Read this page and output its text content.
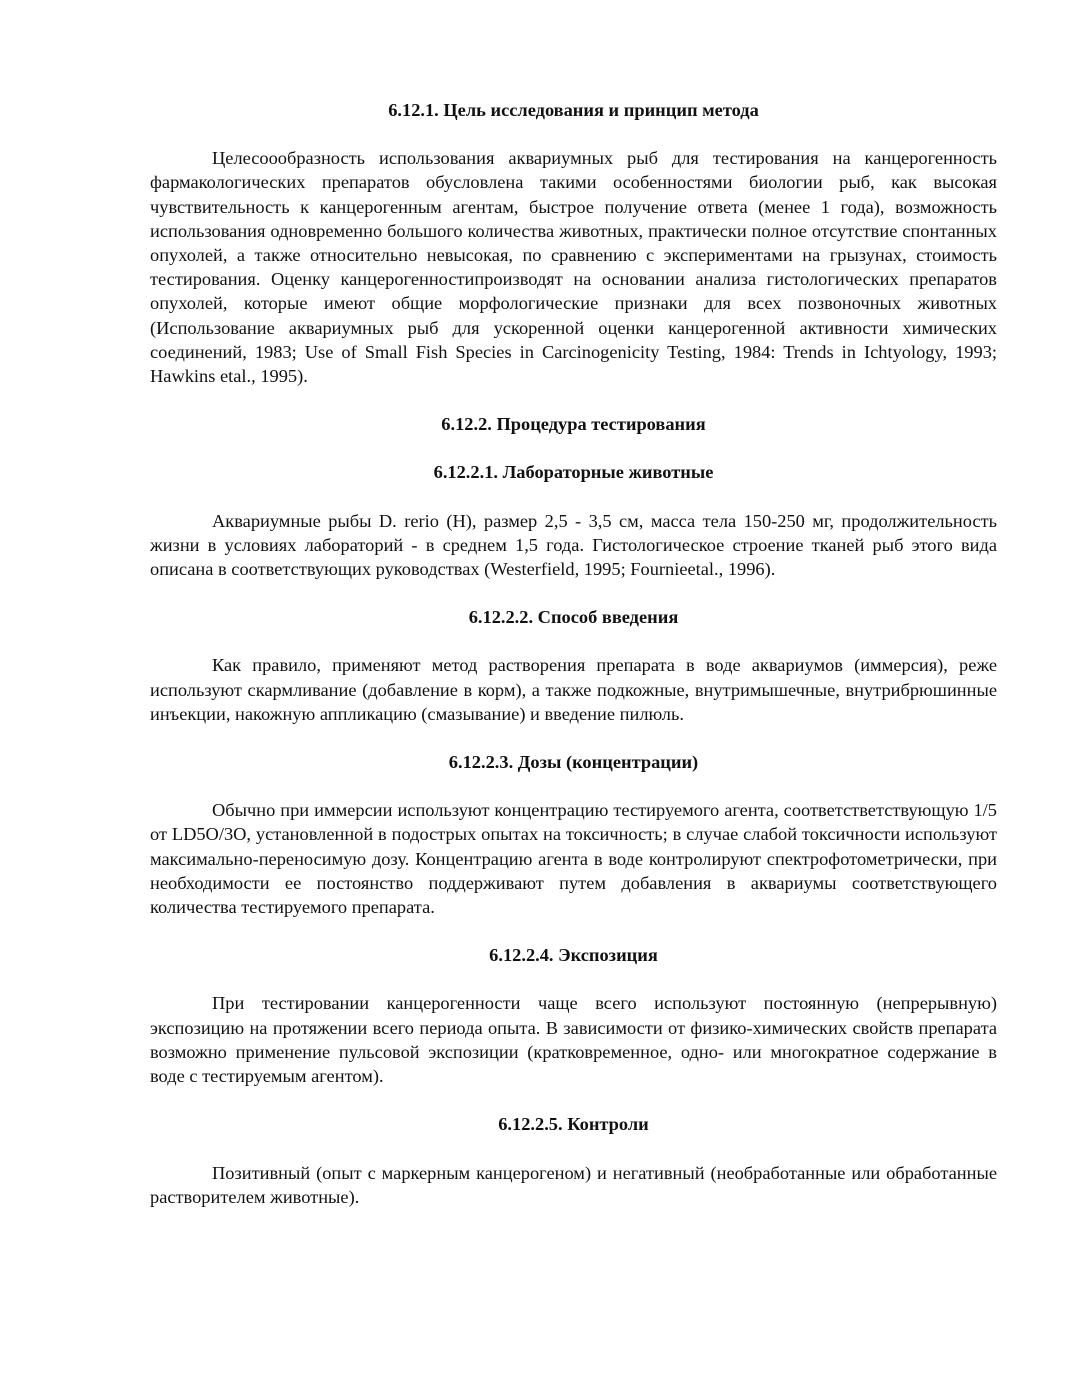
6.12.1. Цель исследования и принцип метода

Целесоообразность использования аквариумных рыб для тестирования на канцерогенность фармакологических препаратов обусловлена такими особенностями биологии рыб, как высокая чувствительность к канцерогенным агентам, быстрое получение ответа (менее 1 года), возможность использования одновременно большого количества животных, практически полное отсутствие спонтанных опухолей, а также относительно невысокая, по сравнению с экспериментами на грызунах, стоимость тестирования. Оценку канцерогенностипроизводят на основании анализа гистологических препаратов опухолей, которые имеют общие морфологические признаки для всех позвоночных животных (Использование аквариумных рыб для ускоренной оценки канцерогенной активности химических соединений, 1983; Use of Small Fish Species in Carcinogenicity Testing, 1984: Trends in Ichtyology, 1993; Hawkins etal., 1995).

6.12.2. Процедура тестирования
6.12.2.1. Лабораторные животные

Аквариумные рыбы D. rerio (H), размер 2,5 - 3,5 см, масса тела 150-250 мг, продолжительность жизни в условиях лабораторий - в среднем 1,5 года. Гистологическое строение тканей рыб этого вида описана в соответствующих руководствах (Westerfield, 1995; Fournieetal., 1996).

6.12.2.2. Способ введения

Как правило, применяют метод растворения препарата в воде аквариумов (иммерсия), реже используют скармливание (добавление в корм), а также подкожные, внутримышечные, внутрибрюшинные инъекции, накожную аппликацию (смазывание) и введение пилюль.

6.12.2.3. Дозы (концентрации)

Обычно при иммерсии используют концентрацию тестируемого агента, соответстветствующую 1/5 от LD5O/3O, установленной в подострых опытах на токсичность; в случае слабой токсичности используют максимально-переносимую дозу. Концентрацию агента в воде контролируют спектрофотометрически, при необходимости ее постоянство поддерживают путем добавления в аквариумы соответствующего количества тестируемого препарата.

6.12.2.4. Экспозиция

При тестировании канцерогенности чаще всего используют постоянную (непрерывную) экспозицию на протяжении всего периода опыта. В зависимости от физико-химических свойств препарата возможно применение пульсовой экспозиции (кратковременное, одно- или многократное содержание в воде с тестируемым агентом).

6.12.2.5. Контроли

Позитивный (опыт с маркерным канцерогеном) и негативный (необработанные или обработанные растворителем животные).
